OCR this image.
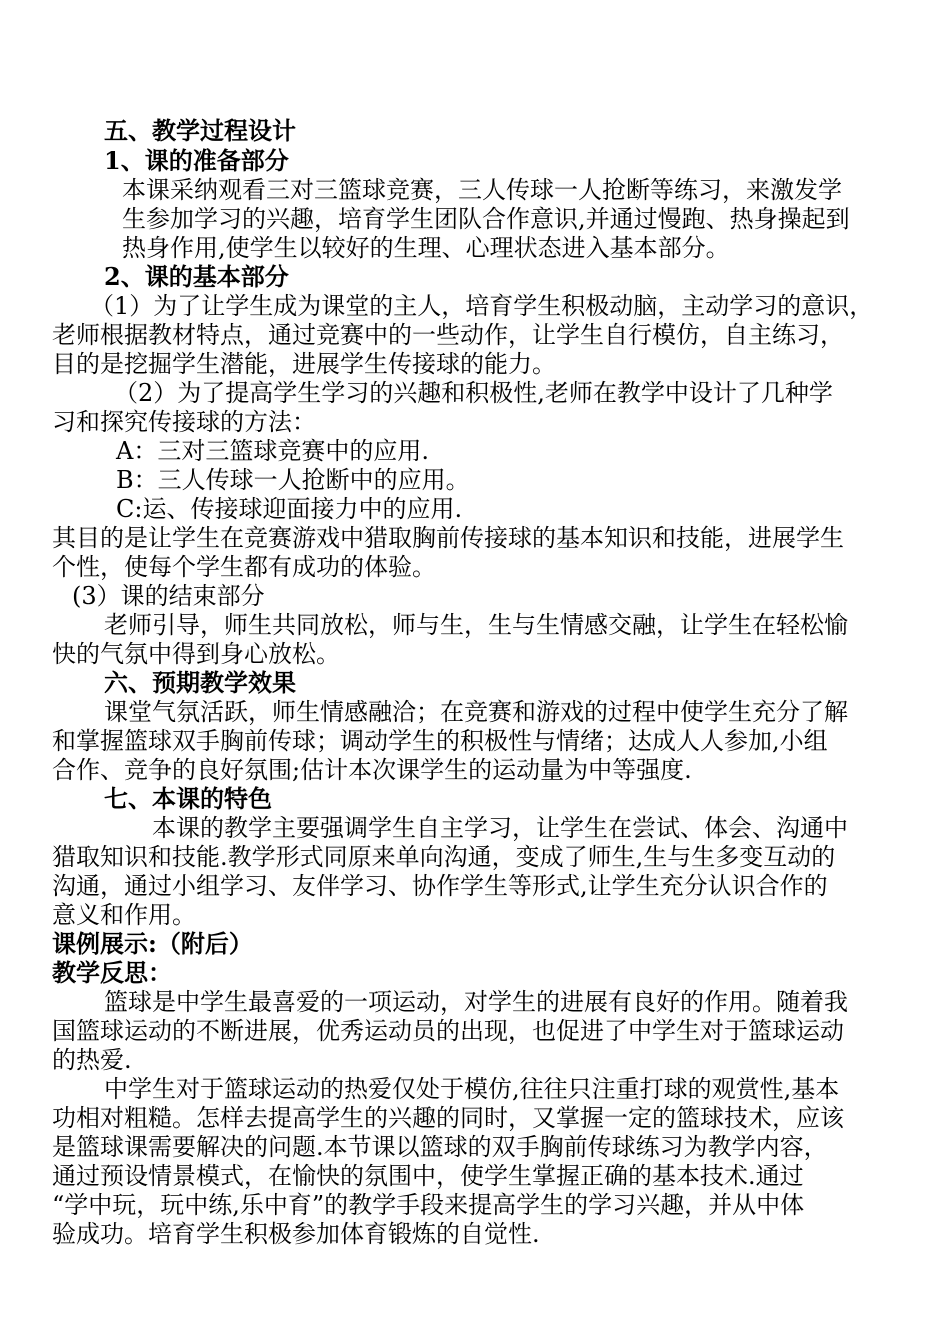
五、教学过程设计
1、课的准备部分
本课采纳观看三对三篮球竞赛，三人传球一人抢断等练习，来激发学
生参加学习的兴趣，培育学生团队合作意识,并通过慢跑、热身操起到
热身作用,使学生以较好的生理、心理状态进入基本部分。
2、课的基本部分
（1）为了让学生成为课堂的主人，培育学生积极动脑，主动学习的意识，
老师根据教材特点，通过竞赛中的一些动作，让学生自行模仿，自主练习，
目的是挖掘学生潜能，进展学生传接球的能力。
（2）为了提高学生学习的兴趣和积极性,老师在教学中设计了几种学
习和探究传接球的方法：
A：三对三篮球竞赛中的应用.
B：三人传球一人抢断中的应用。
C:运、传接球迎面接力中的应用.
其目的是让学生在竞赛游戏中猎取胸前传接球的基本知识和技能，进展学生
个性，使每个学生都有成功的体验。
(3）课的结束部分
老师引导，师生共同放松，师与生，生与生情感交融，让学生在轻松愉
快的气氛中得到身心放松。
六、预期教学效果
课堂气氛活跃，师生情感融洽；在竞赛和游戏的过程中使学生充分了解
和掌握篮球双手胸前传球；调动学生的积极性与情绪；达成人人参加,小组
合作、竞争的良好氛围;估计本次课学生的运动量为中等强度.
七、本课的特色
本课的教学主要强调学生自主学习，让学生在尝试、体会、沟通中
猎取知识和技能.教学形式同原来单向沟通，变成了师生,生与生多变互动的
沟通，通过小组学习、友伴学习、协作学生等形式,让学生充分认识合作的
意义和作用。
课例展示:（附后）
教学反思：
篮球是中学生最喜爱的一项运动，对学生的进展有良好的作用。随着我
国篮球运动的不断进展，优秀运动员的出现，也促进了中学生对于篮球运动
的热爱.
中学生对于篮球运动的热爱仅处于模仿,往往只注重打球的观赏性,基本
功相对粗糙。怎样去提高学生的兴趣的同时，又掌握一定的篮球技术，应该
是篮球课需要解决的问题.本节课以篮球的双手胸前传球练习为教学内容，
通过预设情景模式，在愉快的氛围中，使学生掌握正确的基本技术.通过
“学中玩，玩中练,乐中育”的教学手段来提高学生的学习兴趣，并从中体
验成功。培育学生积极参加体育锻炼的自觉性.
